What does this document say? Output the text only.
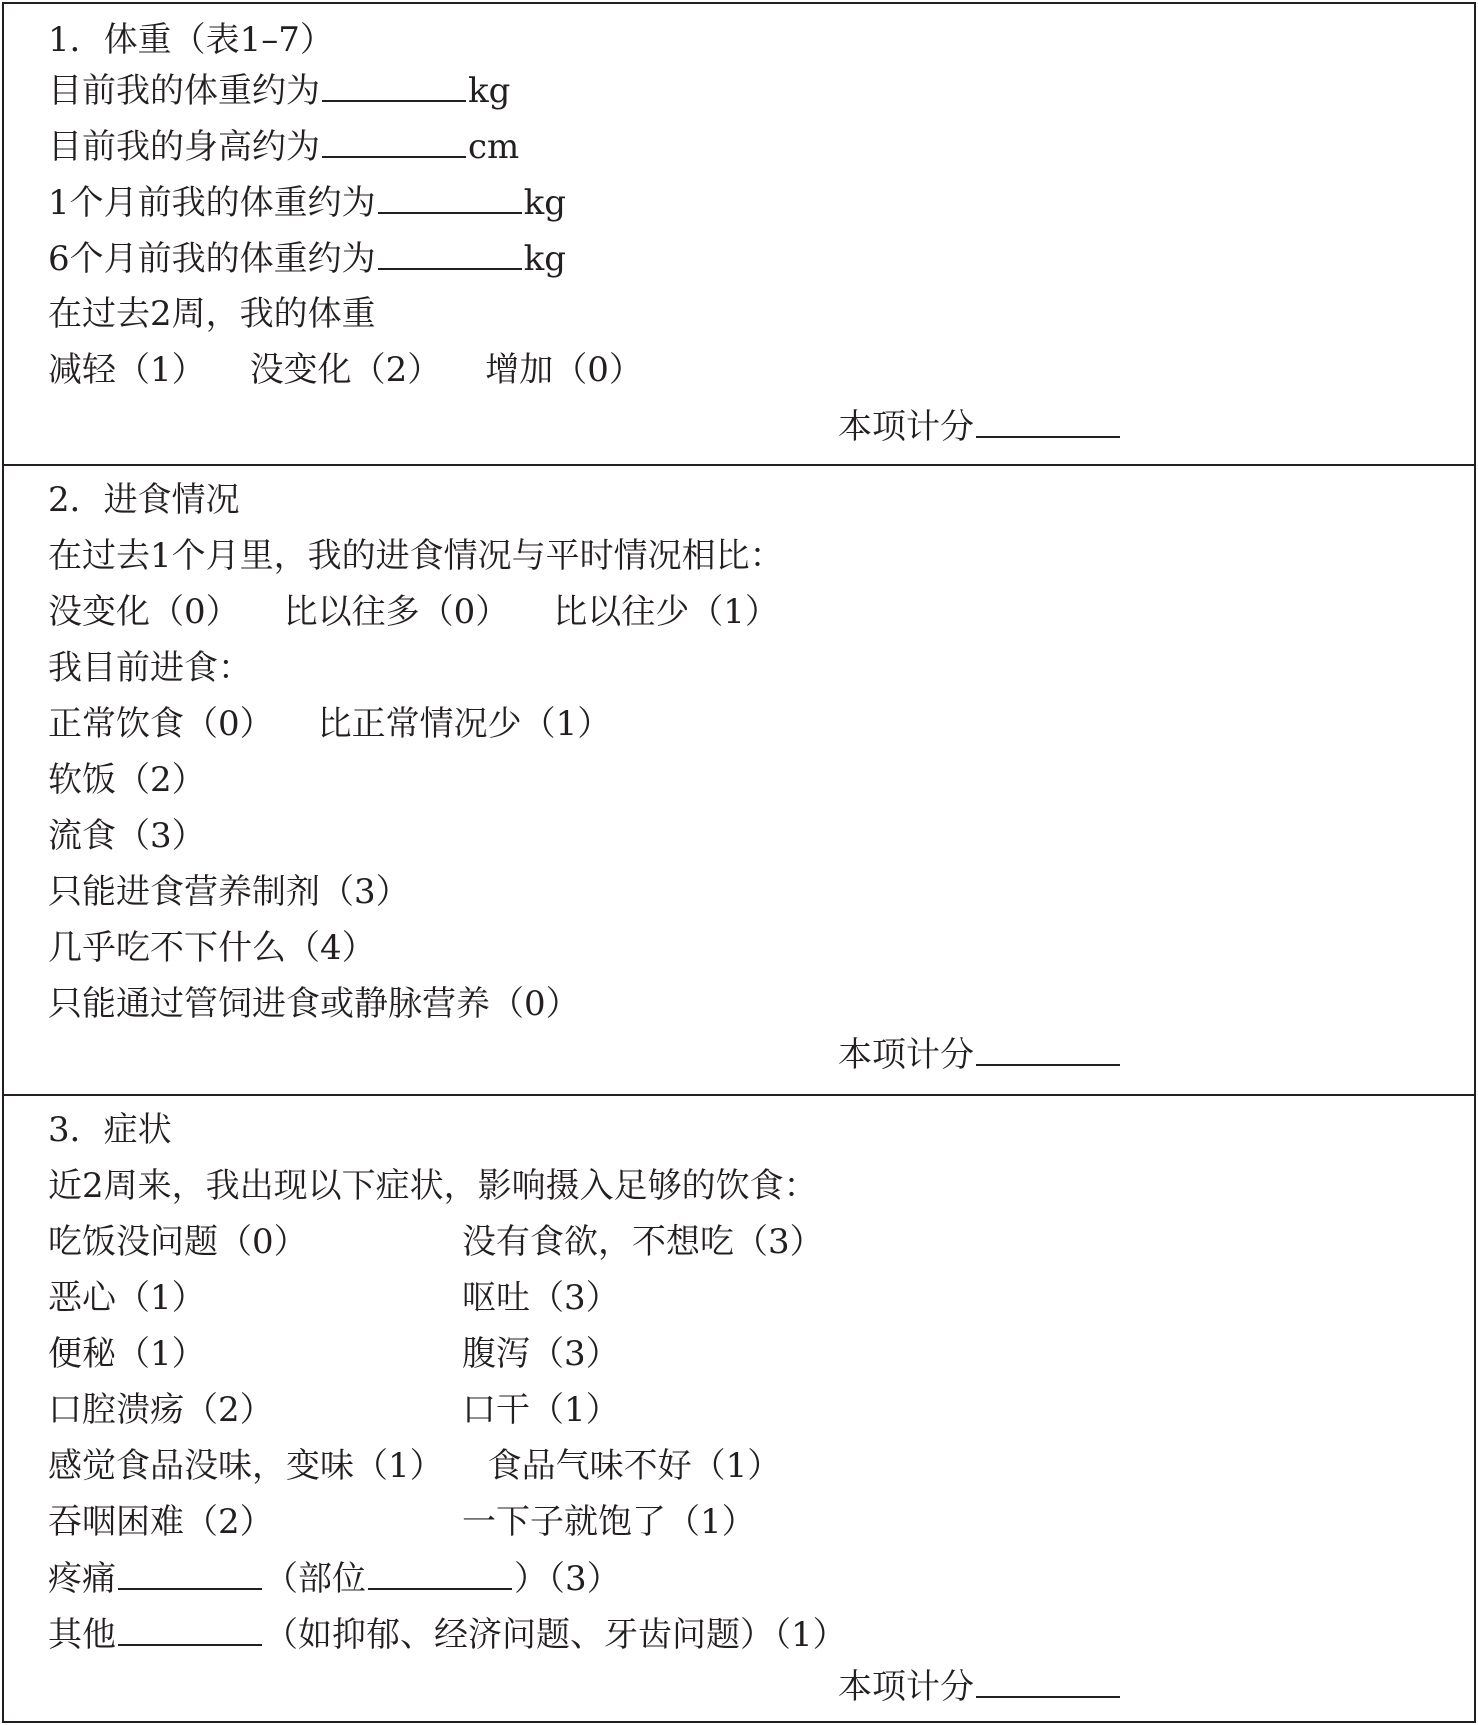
1．体重（表1–7）
目前我的体重约为	kg
目前我的身高约为	cm
1个月前我的体重约为	kg
6个月前我的体重约为	kg
在过去2周，我的体重
减轻（1） 没变化（2） 增加（0）
本项计分
2．进食情况
在过去1个月里，我的进食情况与平时情况相比：
没变化（0） 比以往多（0） 比以往少（1）
我目前进食：
正常饮食（0） 比正常情况少（1）
软饭（2）
流食（3）
只能进食营养制剂（3）
几乎吃不下什么（4）
只能通过管饲进食或静脉营养（0）
本项计分
3．症状
近2周来，我出现以下症状，影响摄入足够的饮食：
吃饭没问题（0）	没有食欲，不想吃（3）
恶心（1）	呕吐（3）
便秘（1）	腹泻（3）
口腔溃疡（2）	口干（1）
感觉食品没味，变味（1） 食品气味不好（1）
吞咽困难（2）	一下子就饱了（1）
疼痛	（部位	）（3）
其他	（如抑郁、经济问题、牙齿问题）（1）
本项计分
